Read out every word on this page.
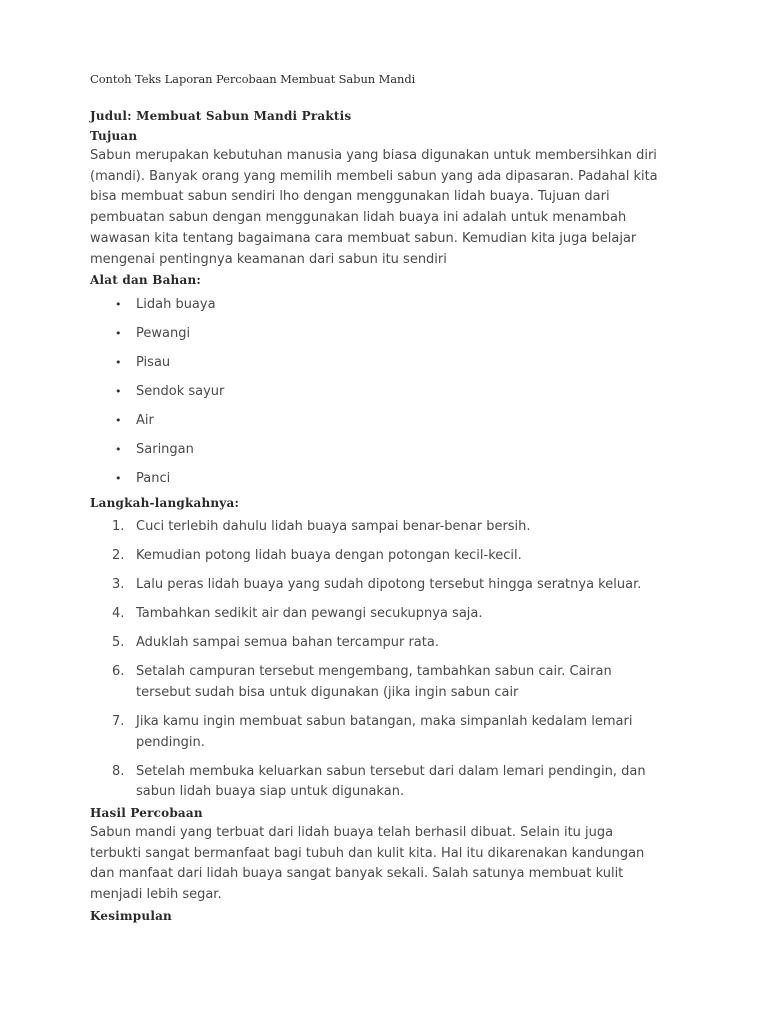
Contoh Teks Laporan Percobaan Membuat Sabun Mandi

Judul: Membuat Sabun Mandi Praktis

Tujuan

Sabun merupakan kebutuhan manusia yang biasa digunakan untuk membersihkan diri
(mandi). Banyak orang yang memilih membeli sabun yang ada dipasaran. Padahal kita
bisa membuat sabun sendiri lho dengan menggunakan lidah buaya. Tujuan dari
pembuatan sabun dengan menggunakan lidah buaya ini adalah untuk menambah
wawasan kita tentang bagaimana cara membuat sabun. Kemudian kita juga belajar
mengenai pentingnya keamanan dari sabun itu sendiri

Alat dan Bahan:

• Lidah buaya
• Pewangi
• Pisau
• Sendok sayur
• Air
• Saringan
• Panci

Langkah-langkahnya:

1. Cuci terlebih dahulu lidah buaya sampai benar-benar bersih.
2. Kemudian potong lidah buaya dengan potongan kecil-kecil.
3. Lalu peras lidah buaya yang sudah dipotong tersebut hingga seratnya keluar.
4. Tambahkan sedikit air dan pewangi secukupnya saja.
5. Aduklah sampai semua bahan tercampur rata.
6. Setalah campuran tersebut mengembang, tambahkan sabun cair. Cairan
tersebut sudah bisa untuk digunakan (jika ingin sabun cair
7. Jika kamu ingin membuat sabun batangan, maka simpanlah kedalam lemari
pendingin.
8. Setelah membuka keluarkan sabun tersebut dari dalam lemari pendingin, dan
sabun lidah buaya siap untuk digunakan.

Hasil Percobaan

Sabun mandi yang terbuat dari lidah buaya telah berhasil dibuat. Selain itu juga
terbukti sangat bermanfaat bagi tubuh dan kulit kita. Hal itu dikarenakan kandungan
dan manfaat dari lidah buaya sangat banyak sekali. Salah satunya membuat kulit
menjadi lebih segar.

Kesimpulan
